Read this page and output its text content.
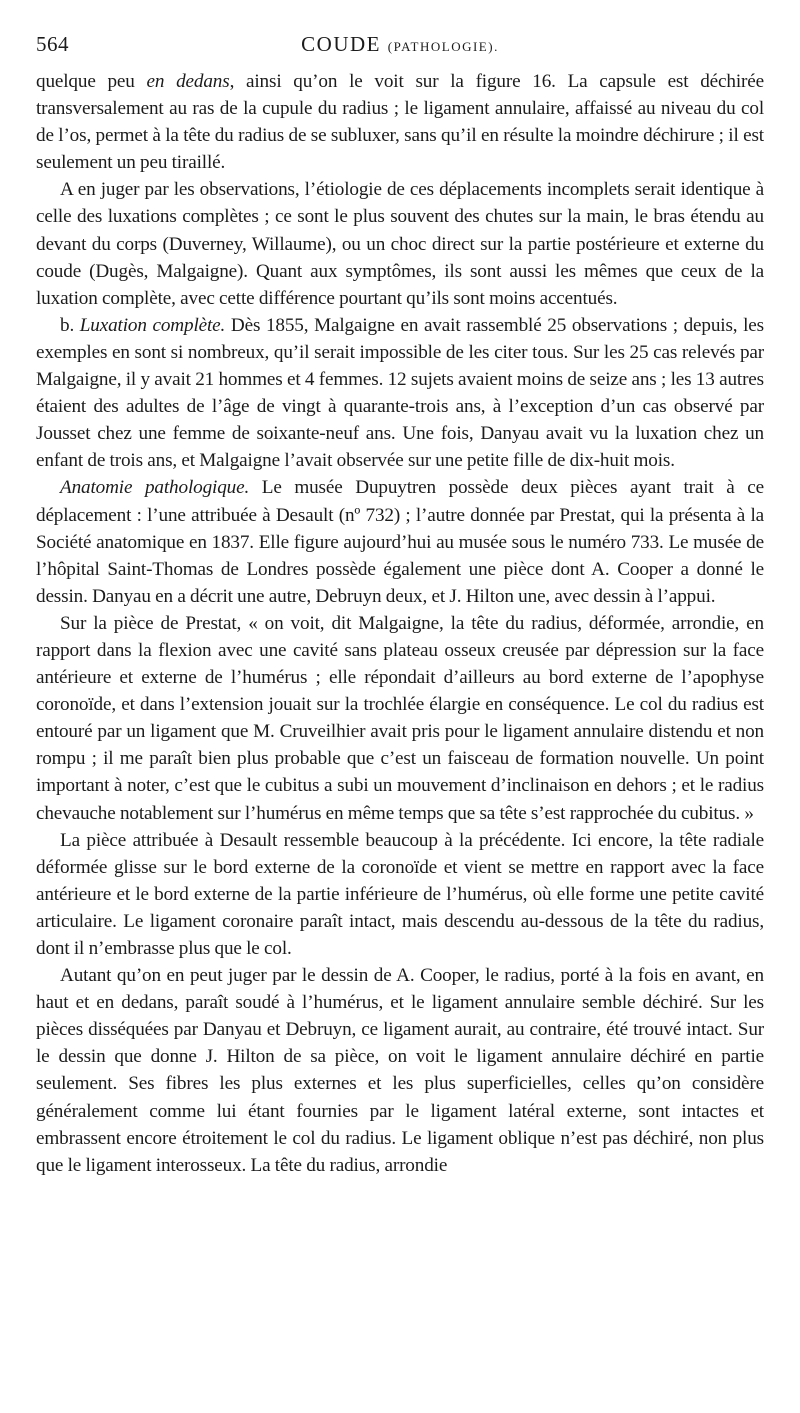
564	COUDE (PATHOLOGIE).

quelque peu en dedans, ainsi qu’on le voit sur la figure 16. La capsule est déchirée transversalement au ras de la cupule du radius ; le ligament annulaire, affaissé au niveau du col de l’os, permet à la tête du radius de se subluxer, sans qu’il en résulte la moindre déchirure ; il est seulement un peu tiraillé.

A en juger par les observations, l’étiologie de ces déplacements incomplets serait identique à celle des luxations complètes ; ce sont le plus souvent des chutes sur la main, le bras étendu au devant du corps (Duverney, Willaume), ou un choc direct sur la partie postérieure et externe du coude (Dugès, Malgaigne). Quant aux symptômes, ils sont aussi les mêmes que ceux de la luxation complète, avec cette différence pourtant qu’ils sont moins accentués.

b. Luxation complète. Dès 1855, Malgaigne en avait rassemblé 25 observations ; depuis, les exemples en sont si nombreux, qu’il serait impossible de les citer tous. Sur les 25 cas relevés par Malgaigne, il y avait 21 hommes et 4 femmes. 12 sujets avaient moins de seize ans ; les 13 autres étaient des adultes de l’âge de vingt à quarante-trois ans, à l’exception d’un cas observé par Jousset chez une femme de soixante-neuf ans. Une fois, Danyau avait vu la luxation chez un enfant de trois ans, et Malgaigne l’avait observée sur une petite fille de dix-huit mois.

Anatomie pathologique. Le musée Dupuytren possède deux pièces ayant trait à ce déplacement : l’une attribuée à Desault (nº 732) ; l’autre donnée par Prestat, qui la présenta à la Société anatomique en 1837. Elle figure aujourd’hui au musée sous le numéro 733. Le musée de l’hôpital Saint-Thomas de Londres possède également une pièce dont A. Cooper a donné le dessin. Danyau en a décrit une autre, Debruyn deux, et J. Hilton une, avec dessin à l’appui.

Sur la pièce de Prestat, « on voit, dit Malgaigne, la tête du radius, déformée, arrondie, en rapport dans la flexion avec une cavité sans plateau osseux creusée par dépression sur la face antérieure et externe de l’humérus ; elle répondait d’ailleurs au bord externe de l’apophyse coronoïde, et dans l’extension jouait sur la trochlée élargie en conséquence. Le col du radius est entouré par un ligament que M. Cruveilhier avait pris pour le ligament annulaire distendu et non rompu ; il me paraît bien plus probable que c’est un faisceau de formation nouvelle. Un point important à noter, c’est que le cubitus a subi un mouvement d’inclinaison en dehors ; et le radius chevauche notablement sur l’humérus en même temps que sa tête s’est rapprochée du cubitus. »

La pièce attribuée à Desault ressemble beaucoup à la précédente. Ici encore, la tête radiale déformée glisse sur le bord externe de la coronoïde et vient se mettre en rapport avec la face antérieure et le bord externe de la partie inférieure de l’humérus, où elle forme une petite cavité articulaire. Le ligament coronaire paraît intact, mais descendu au-dessous de la tête du radius, dont il n’embrasse plus que le col.

Autant qu’on en peut juger par le dessin de A. Cooper, le radius, porté à la fois en avant, en haut et en dedans, paraît soudé à l’humérus, et le ligament annulaire semble déchiré. Sur les pièces disséquées par Danyau et Debruyn, ce ligament aurait, au contraire, été trouvé intact. Sur le dessin que donne J. Hilton de sa pièce, on voit le ligament annulaire déchiré en partie seulement. Ses fibres les plus externes et les plus superficielles, celles qu’on considère généralement comme lui étant fournies par le ligament latéral externe, sont intactes et embrassent encore étroitement le col du radius. Le ligament oblique n’est pas déchiré, non plus que le ligament interosseux. La tête du radius, arrondie
